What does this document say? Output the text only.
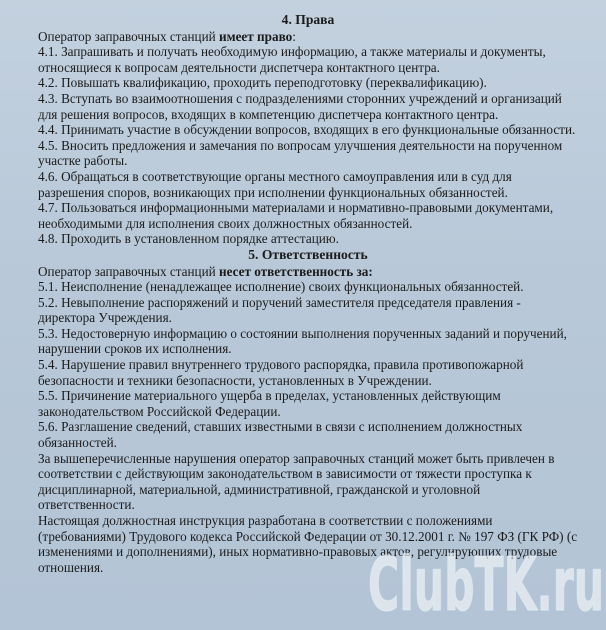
4. Права

Оператор заправочных станций имеет право:

4.1. Запрашивать и получать необходимую информацию, а также материалы и документы, относящиеся к вопросам деятельности диспетчера контактного центра.

4.2. Повышать квалификацию, проходить переподготовку (переквалификацию).

4.3. Вступать во взаимоотношения с подразделениями сторонних учреждений и организаций для решения вопросов, входящих в компетенцию диспетчера контактного центра.

4.4. Принимать участие в обсуждении вопросов, входящих в его функциональные обязанности.

4.5. Вносить предложения и замечания по вопросам улучшения деятельности на порученном участке работы.

4.6. Обращаться в соответствующие органы местного самоуправления или в суд для разрешения споров, возникающих при исполнении функциональных обязанностей.

4.7. Пользоваться информационными материалами и нормативно-правовыми документами, необходимыми для исполнения своих должностных обязанностей.

4.8. Проходить в установленном порядке аттестацию.

5. Ответственность

Оператор заправочных станций несет ответственность за:

5.1. Неисполнение (ненадлежащее исполнение) своих функциональных обязанностей.

5.2. Невыполнение распоряжений и поручений заместителя председателя правления - директора Учреждения.

5.3. Недостоверную информацию о состоянии выполнения порученных заданий и поручений, нарушении сроков их исполнения.

5.4. Нарушение правил внутреннего трудового распорядка, правила противопожарной безопасности и техники безопасности, установленных в Учреждении.

5.5. Причинение материального ущерба в пределах, установленных действующим законодательством Российской Федерации.

5.6. Разглашение сведений, ставших известными в связи с исполнением должностных обязанностей.

За вышеперечисленные нарушения оператор заправочных станций может быть привлечен в соответствии с действующим законодательством в зависимости от тяжести проступка к дисциплинарной, материальной, административной, гражданской и уголовной ответственности.

Настоящая должностная инструкция разработана в соответствии с положениями (требованиями) Трудового кодекса Российской Федерации от 30.12.2001 г. № 197 ФЗ (ГК РФ) (с изменениями и дополнениями), иных нормативно-правовых актов, регулирующих трудовые отношения.	ClubTK.ru
